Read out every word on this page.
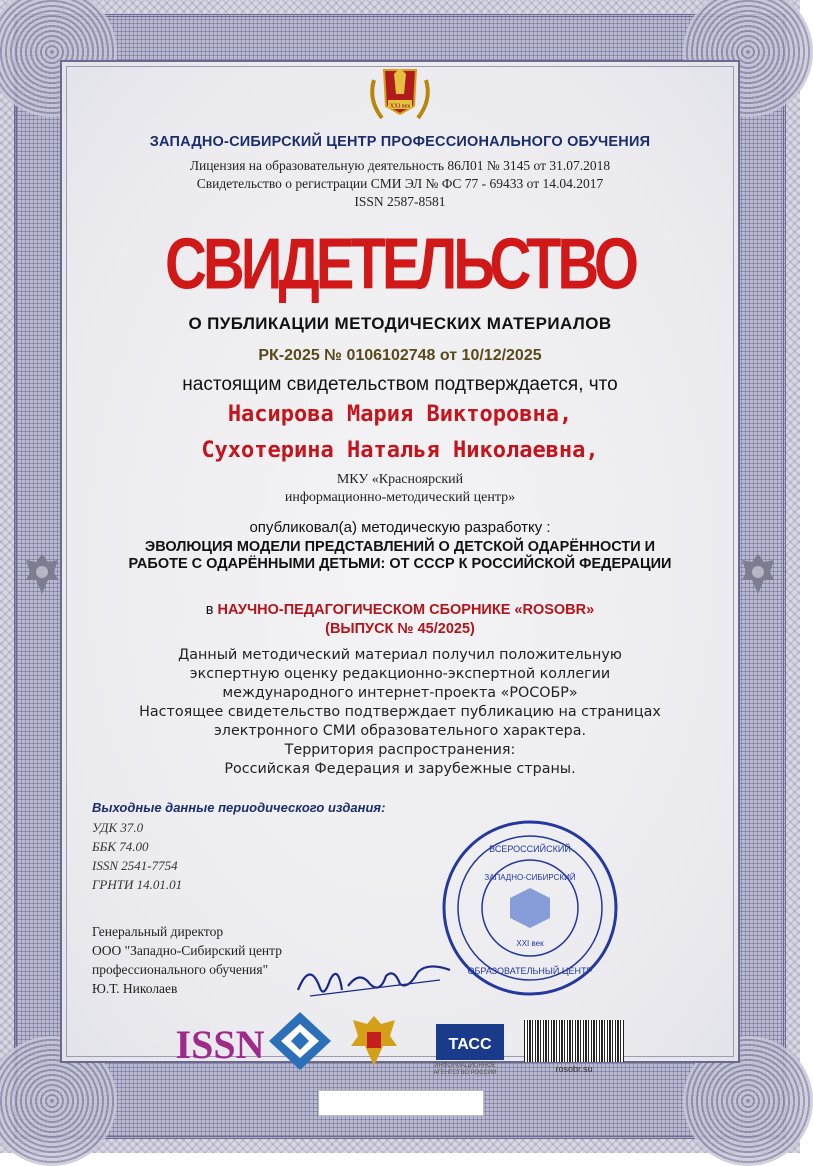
XXI век
ЗАПАДНО-СИБИРСКИЙ ЦЕНТР ПРОФЕССИОНАЛЬНОГО ОБУЧЕНИЯ
Лицензия на образовательную деятельность 86Л01 № 3145 от 31.07.2018
Свидетельство о регистрации СМИ ЭЛ № ФС 77 - 69433 от 14.04.2017
ISSN 2587-8581
СВИДЕТЕЛЬСТВО
О ПУБЛИКАЦИИ МЕТОДИЧЕСКИХ МАТЕРИАЛОВ
РК-2025 № 0106102748 от 10/12/2025
настоящим свидетельством подтверждается, что
Насирова Мария Викторовна,
Сухотерина Наталья Николаевна,
МКУ «Красноярский
информационно-методический центр»
опубликовал(а) методическую разработку :
ЭВОЛЮЦИЯ МОДЕЛИ ПРЕДСТАВЛЕНИЙ О ДЕТСКОЙ ОДАРЁННОСТИ И РАБОТЕ С ОДАРЁННЫМИ ДЕТЬМИ: ОТ СССР К РОССИЙСКОЙ ФЕДЕРАЦИИ
в НАУЧНО-ПЕДАГОГИЧЕСКОМ СБОРНИКЕ «ROSOBR»
(ВЫПУСК № 45/2025)
Данный методический материал получил положительную
экспертную оценку редакционно-экспертной коллегии
международного интернет-проекта «РОСОБР»
Настоящее свидетельство подтверждает публикацию на страницах
электронного СМИ образовательного характера.
Территория распространения:
Российская Федерация и зарубежные страны.
Выходные данные периодического издания:
УДК 37.0
ББК 74.00
ISSN 2541-7754
ГРНТИ 14.01.01
Генеральный директор
ООО "Западно-Сибирский центр
профессионального обучения"
Ю.Т. Николаев
ВСЕРОССИЙСКИЙ
ЗАПАДНО-СИБИРСКИЙ
XXI век
ОБРАЗОВАТЕЛЬНЫЙ ЦЕНТР
ISSN	ТАСС
ИНФОРМАЦИОННОЕ АГЕНТСТВО РОССИИ	rosobr.su
